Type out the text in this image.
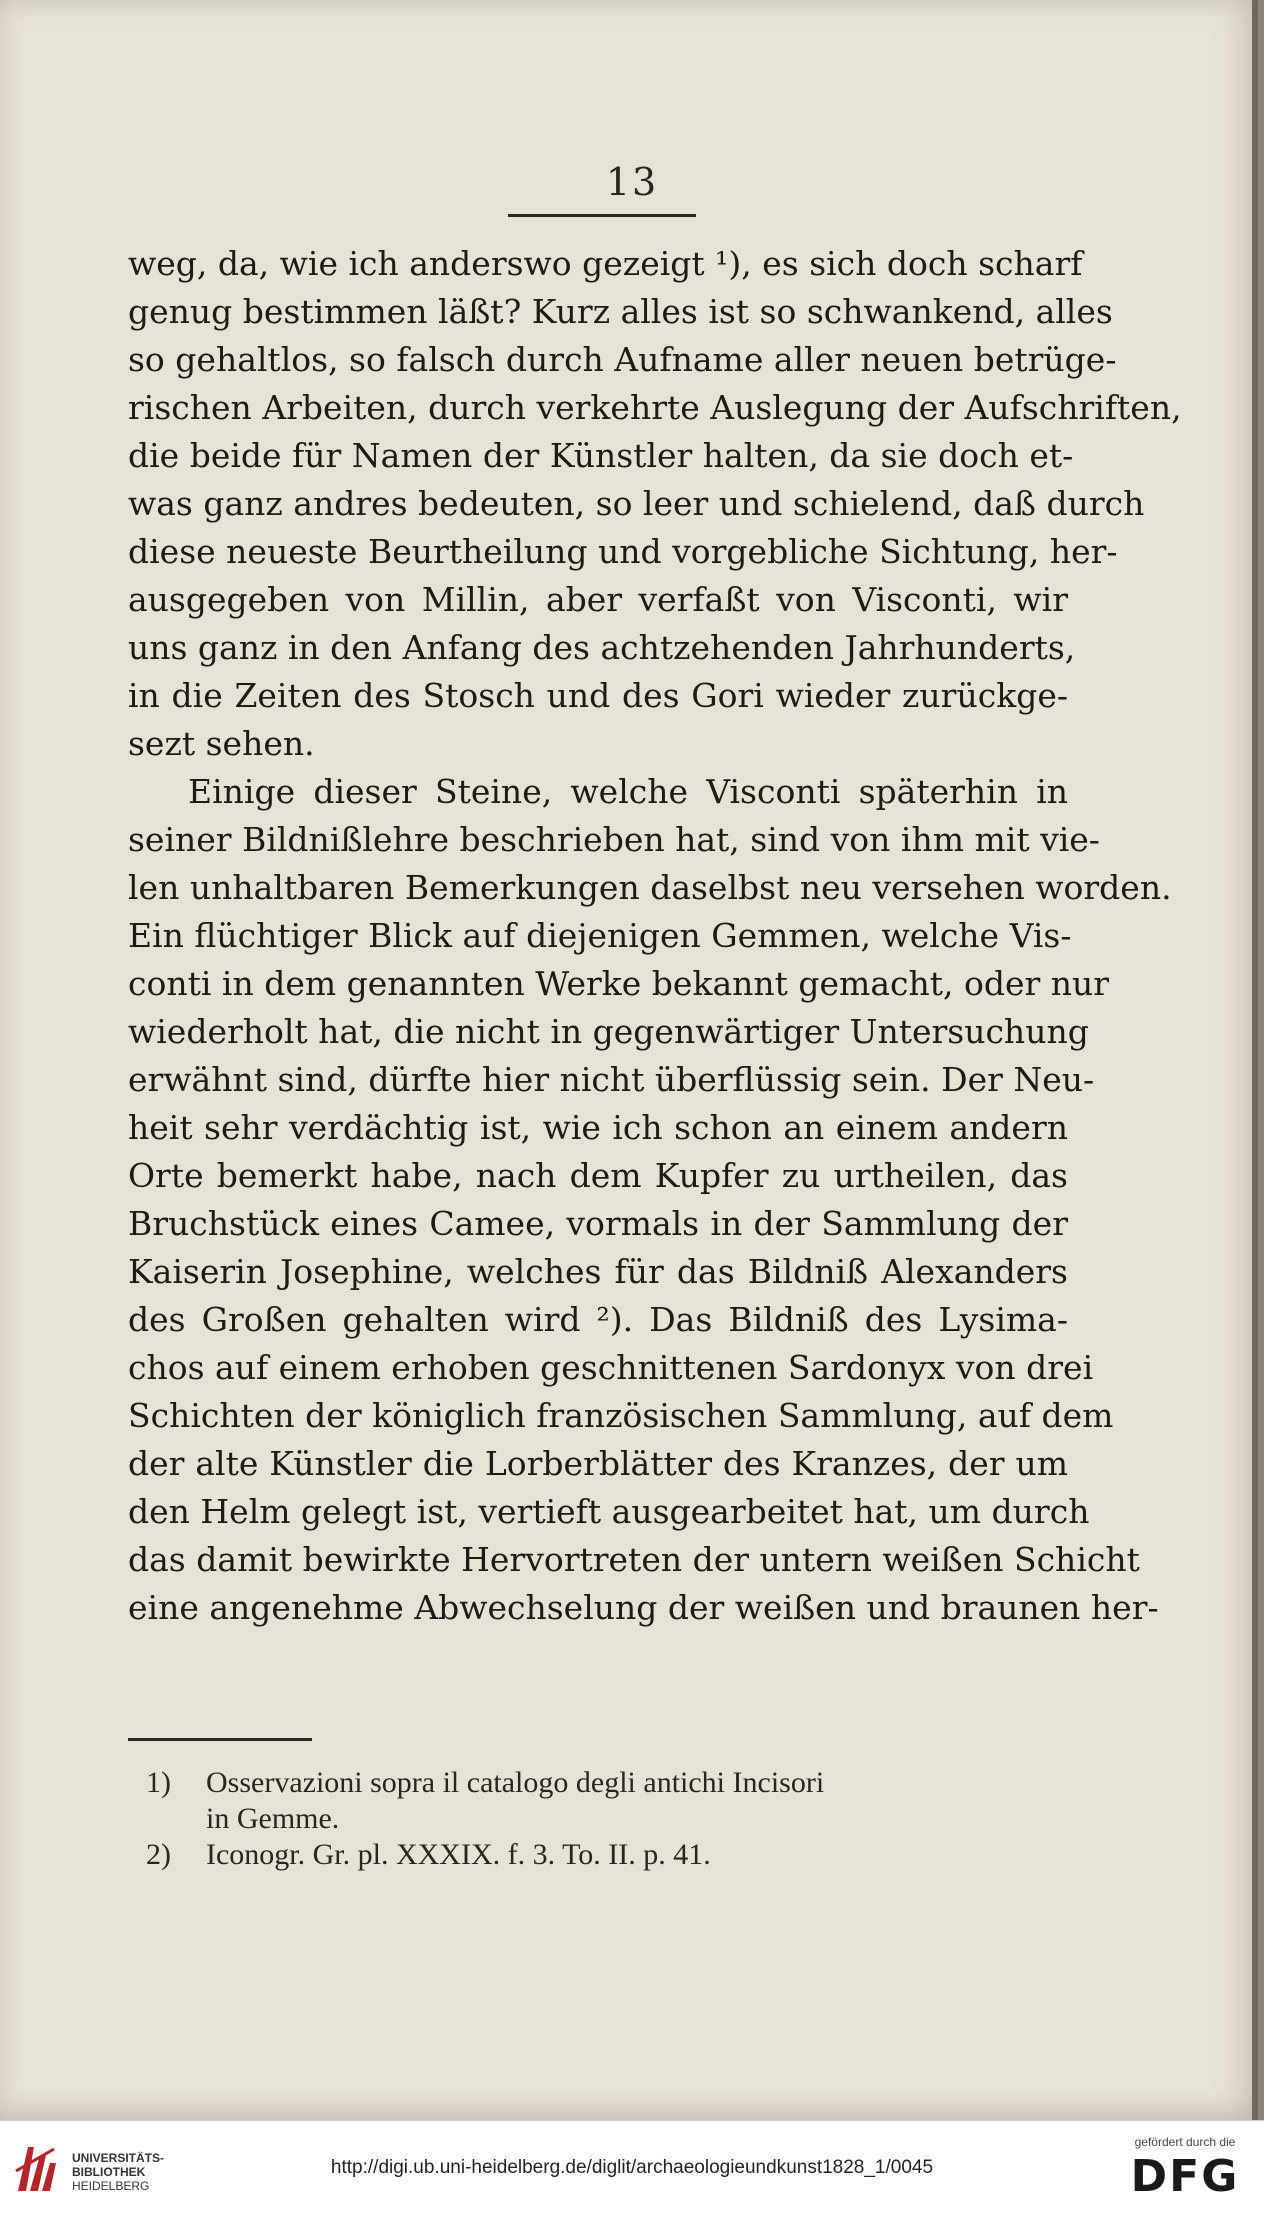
13
weg, da, wie ich anderswo gezeigt ¹), es sich doch scharf
genug bestimmen läßt? Kurz alles ist so schwankend, alles
so gehaltlos, so falsch durch Aufname aller neuen betrüge-
rischen Arbeiten, durch verkehrte Auslegung der Aufschriften,
die beide für Namen der Künstler halten, da sie doch et-
was ganz andres bedeuten, so leer und schielend, daß durch
diese neueste Beurtheilung und vorgebliche Sichtung, her-
ausgegeben von Millin, aber verfaßt von Visconti, wir
uns ganz in den Anfang des achtzehenden Jahrhunderts,
in die Zeiten des Stosch und des Gori wieder zurückge-
sezt sehen.
Einige dieser Steine, welche Visconti späterhin in
seiner Bildnißlehre beschrieben hat, sind von ihm mit vie-
len unhaltbaren Bemerkungen daselbst neu versehen worden.
Ein flüchtiger Blick auf diejenigen Gemmen, welche Vis-
conti in dem genannten Werke bekannt gemacht, oder nur
wiederholt hat, die nicht in gegenwärtiger Untersuchung
erwähnt sind, dürfte hier nicht überflüssig sein. Der Neu-
heit sehr verdächtig ist, wie ich schon an einem andern
Orte bemerkt habe, nach dem Kupfer zu urtheilen, das
Bruchstück eines Camee, vormals in der Sammlung der
Kaiserin Josephine, welches für das Bildniß Alexanders
des Großen gehalten wird ²). Das Bildniß des Lysima-
chos auf einem erhoben geschnittenen Sardonyx von drei
Schichten der königlich französischen Sammlung, auf dem
der alte Künstler die Lorberblätter des Kranzes, der um
den Helm gelegt ist, vertieft ausgearbeitet hat, um durch
das damit bewirkte Hervortreten der untern weißen Schicht
eine angenehme Abwechselung der weißen und braunen her-
1)	Osservazioni sopra il catalogo degli antichi Incisori
in Gemme.
2)	Iconogr. Gr. pl. XXXIX. f. 3. To. II. p. 41.
UNIVERSITÄTS-
BIBLIOTHEK
HEIDELBERG
http://digi.ub.uni-heidelberg.de/diglit/archaeologieundkunst1828_1/0045
gefördert durch die
DFG
